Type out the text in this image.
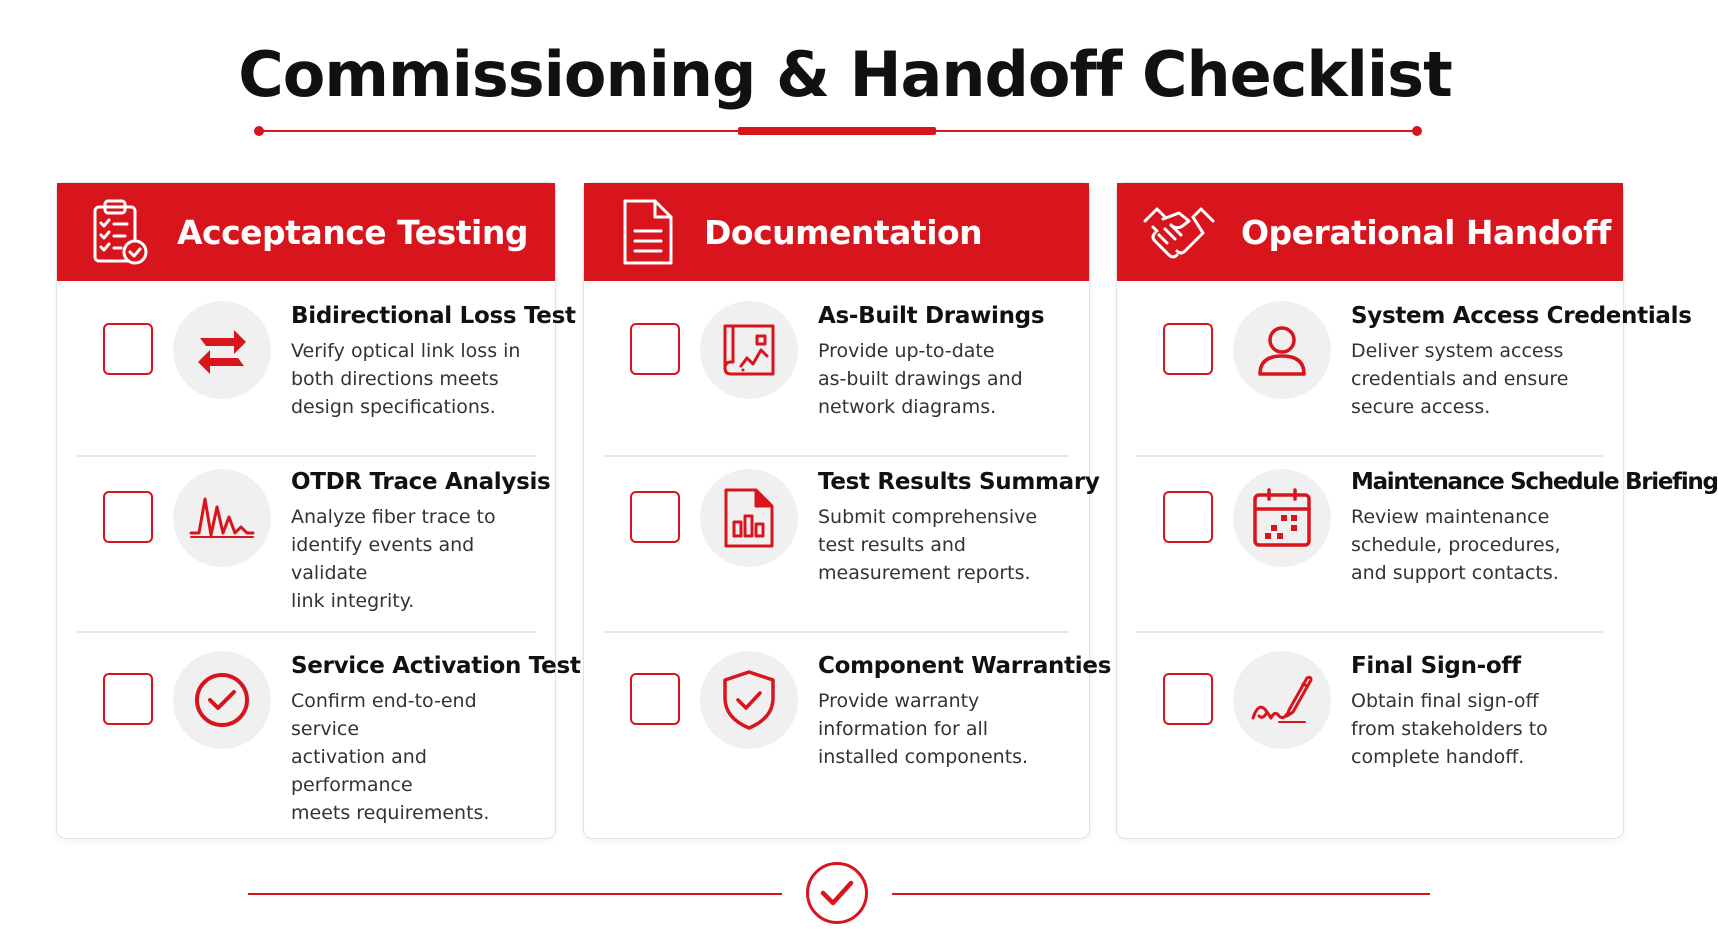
Commissioning & Handoff Checklist
Acceptance Testing
Bidirectional Loss Test
Verify optical link loss in
both directions meets
design specifications.
OTDR Trace Analysis
Analyze fiber trace to
identify events and validate
link integrity.
Service Activation Test
Confirm end-to-end service
activation and performance
meets requirements.
Documentation
As-Built Drawings
Provide up-to-date
as-built drawings and
network diagrams.
Test Results Summary
Submit comprehensive
test results and
measurement reports.
Component Warranties
Provide warranty
information for all
installed components.
Operational Handoff
System Access Credentials
Deliver system access
credentials and ensure
secure access.
Maintenance Schedule Briefing
Review maintenance
schedule, procedures,
and support contacts.
Final Sign-off
Obtain final sign-off
from stakeholders to
complete handoff.
